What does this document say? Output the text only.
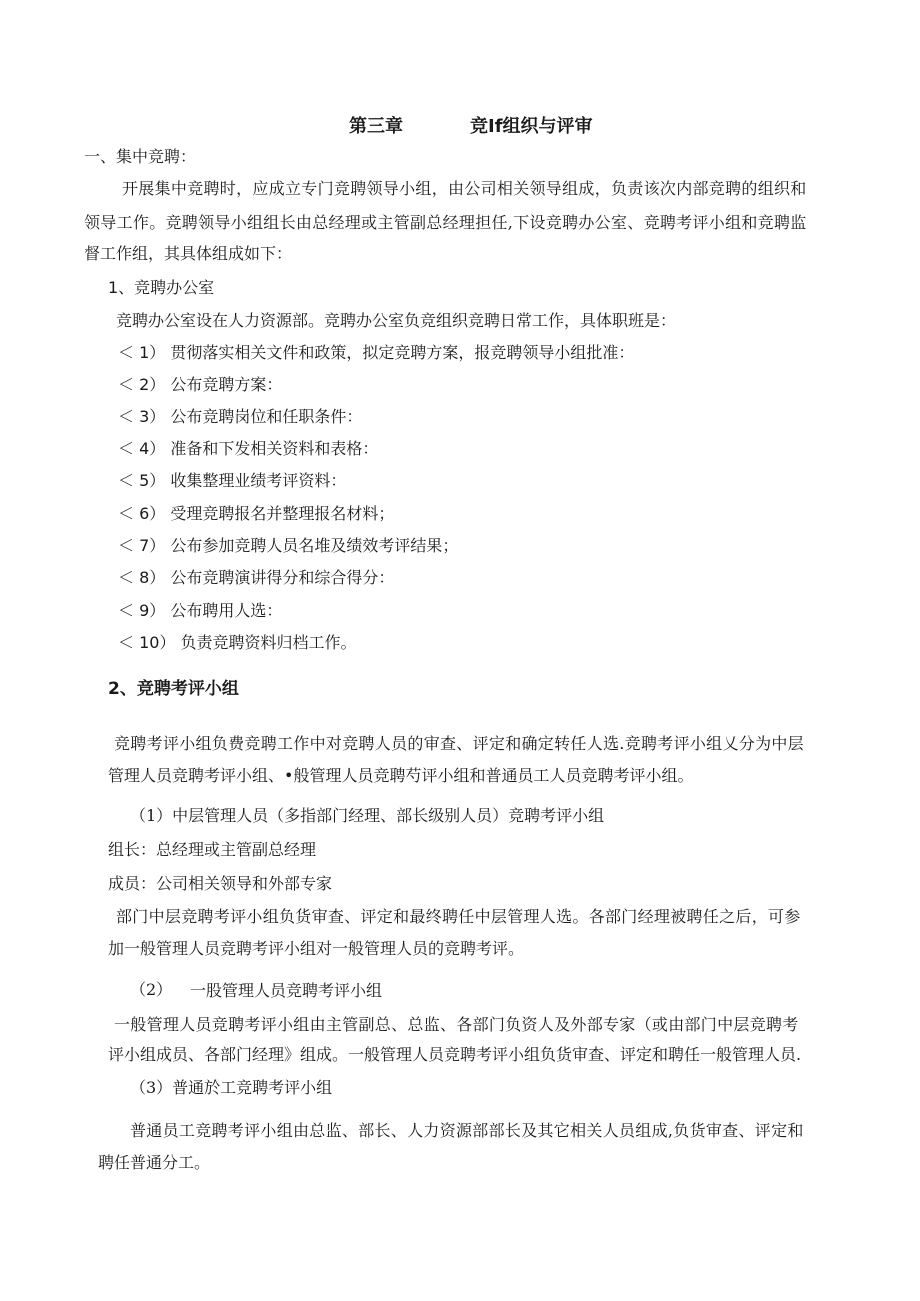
第三章	竞If组织与评审
一、集中竞聘：
开展集中竞聘时，应成立专门竞聘领导小组，由公司相关领导组成，负责该次内部竞聘的组织和
领导工作。竞聘领导小组组长由总经理或主管副总经理担任,下设竞聘办公室、竞聘考评小组和竞聘监
督工作组，其具体组成如下：
1、竞聘办公室
竞聘办公室设在人力资源部。竞聘办公室负竞组织竞聘日常工作，具体职班是：
＜ 1） 贯彻落实相关文件和政策，拟定竞聘方案，报竞聘领导小组批准：
＜ 2） 公布竞聘方案：
＜ 3） 公布竞聘岗位和任职条件：
＜ 4） 准备和下发相关资料和表格：
＜ 5） 收集整理业绩考评资料：
＜ 6） 受理竞聘报名并整理报名材料；
＜ 7） 公布参加竞聘人员名堆及绩效考评结果；
＜ 8） 公布竞聘演讲得分和综合得分：
＜ 9） 公布聘用人选：
＜ 10） 负责竞聘资料归档工作。
2、竞聘考评小组
竞聘考评小组负费竞聘工作中对竞聘人员的审查、评定和确定转任人选.竞聘考评小组乂分为中层
管理人员竞聘考评小组、•般管理人员竞聘芍评小组和普通员工人员竞聘考评小组。
（1）中层管理人员（多指部门经理、部长级别人员）竞聘考评小组
组长：总经理或主管副总经理
成员：公司相关领导和外部专家
部门中层竞聘考评小组负货审查、评定和最终聘任中层管理人选。各部门经理被聘任之后，可参
加一般管理人员竞聘考评小组对一般管理人员的竞聘考评。
（2） 一股管理人员竞聘考评小组
一般管理人员竞聘考评小组由主管副总、总监、各部门负资人及外部专家（或由部门中层竞聘考
评小组成员、各部门经理》组成。一般管理人员竞聘考评小组负货审查、评定和聘任一般管理人员.
（3）普通於工竞聘考评小组
普通员工竞聘考评小组由总监、部长、人力资源部部长及其它相关人员组成,负货审查、评定和
聘任普通分工。
